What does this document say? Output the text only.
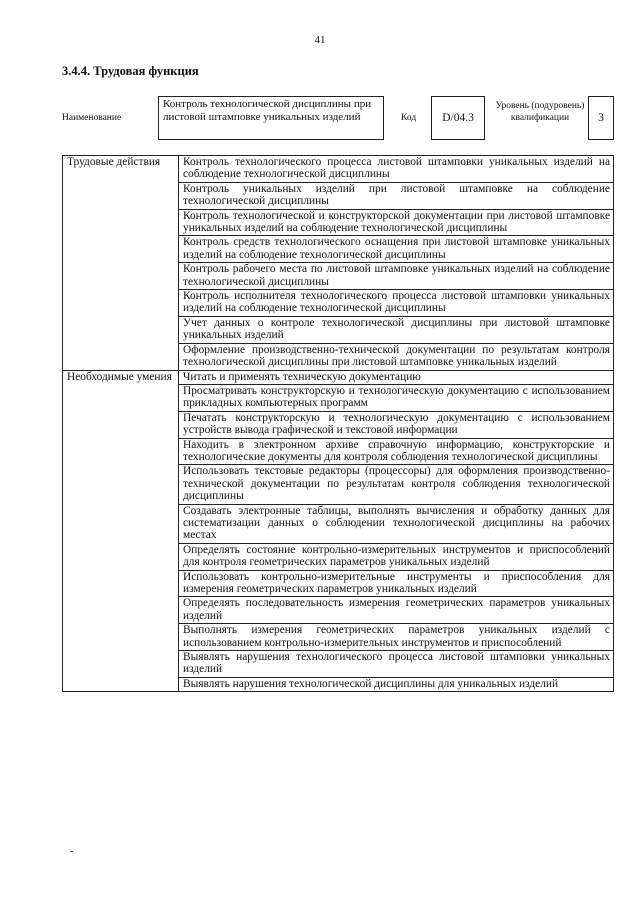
41
3.4.4. Трудовая функция
Наименование
Контроль технологической дисциплины при листовой штамповке уникальных изделий	Код	D/04.3
Уровень (подуровень) квалификации	3
Трудовые действия	Контроль технологического процесса листовой штамповки уникальных изделий на соблюдение технологической дисциплины
	Контроль уникальных изделий при листовой штамповке на соблюдение технологической дисциплины
	Контроль технологической и конструкторской документации при листовой штамповке уникальных изделий на соблюдение технологической дисциплины
	Контроль средств технологического оснащения при листовой штамповке уникальных изделий на соблюдение технологической дисциплины
	Контроль рабочего места по листовой штамповке уникальных изделий на соблюдение технологической дисциплины
	Контроль исполнителя технологического процесса листовой штамповки уникальных изделий на соблюдение технологической дисциплины
	Учет данных о контроле технологической дисциплины при листовой штамповке уникальных изделий
	Оформление производственно-технической документации по результатам контроля технологической дисциплины при листовой штамповке уникальных изделий
Необходимые умения	Читать и применять техническую документацию
	Просматривать конструкторскую и технологическую документацию с использованием прикладных компьютерных программ
	Печатать конструкторскую и технологическую документацию с использованием устройств вывода графической и текстовой информации
	Находить в электронном архиве справочную информацию, конструкторские и технологические документы для контроля соблюдения технологической дисциплины
	Использовать текстовые редакторы (процессоры) для оформления производственно-технической документации по результатам контроля соблюдения технологической дисциплины
	Создавать электронные таблицы, выполнять вычисления и обработку данных для систематизации данных о соблюдении технологической дисциплины на рабочих местах
	Определять состояние контрольно-измерительных инструментов и приспособлений для контроля геометрических параметров уникальных изделий
	Использовать контрольно-измерительные инструменты и приспособления для измерения геометрических параметров уникальных изделий
	Определять последовательность измерения геометрических параметров уникальных изделий
	Выполнять измерения геометрических параметров уникальных изделий с использованием контрольно-измерительных инструментов и приспособлений
	Выявлять нарушения технологического процесса листовой штамповки уникальных изделий
	Выявлять нарушения технологической дисциплины для уникальных изделий
-
